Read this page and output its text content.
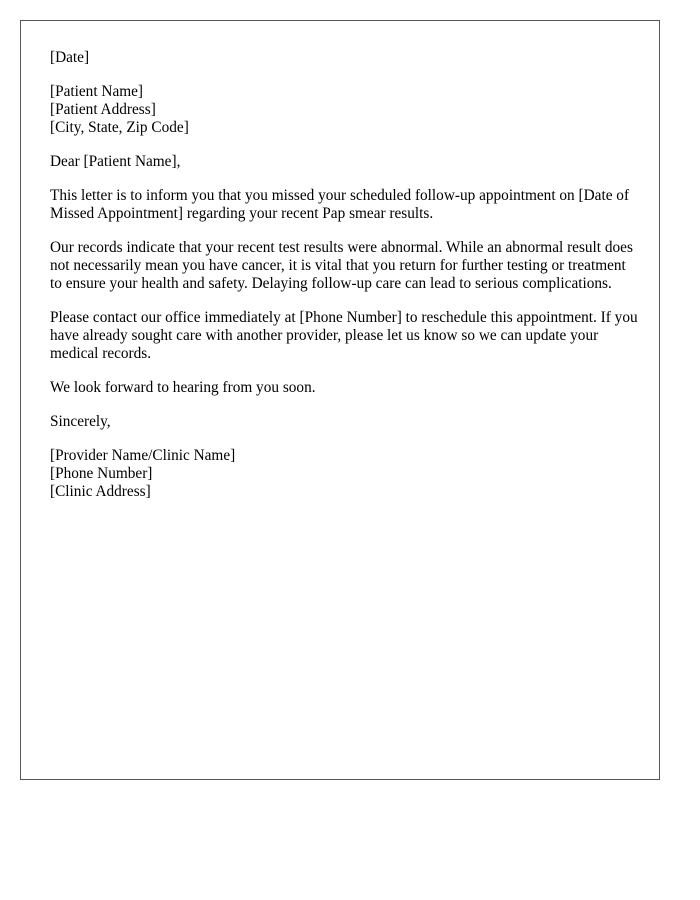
[Date]
[Patient Name]
[Patient Address]
[City, State, Zip Code]
Dear [Patient Name],

This letter is to inform you that you missed your scheduled follow-up appointment on [Date of Missed Appointment] regarding your recent Pap smear results.

Our records indicate that your recent test results were abnormal. While an abnormal result does not necessarily mean you have cancer, it is vital that you return for further testing or treatment to ensure your health and safety. Delaying follow-up care can lead to serious complications.

Please contact our office immediately at [Phone Number] to reschedule this appointment. If you have already sought care with another provider, please let us know so we can update your medical records.

We look forward to hearing from you soon.

Sincerely,
[Provider Name/Clinic Name]
[Phone Number]
[Clinic Address]
